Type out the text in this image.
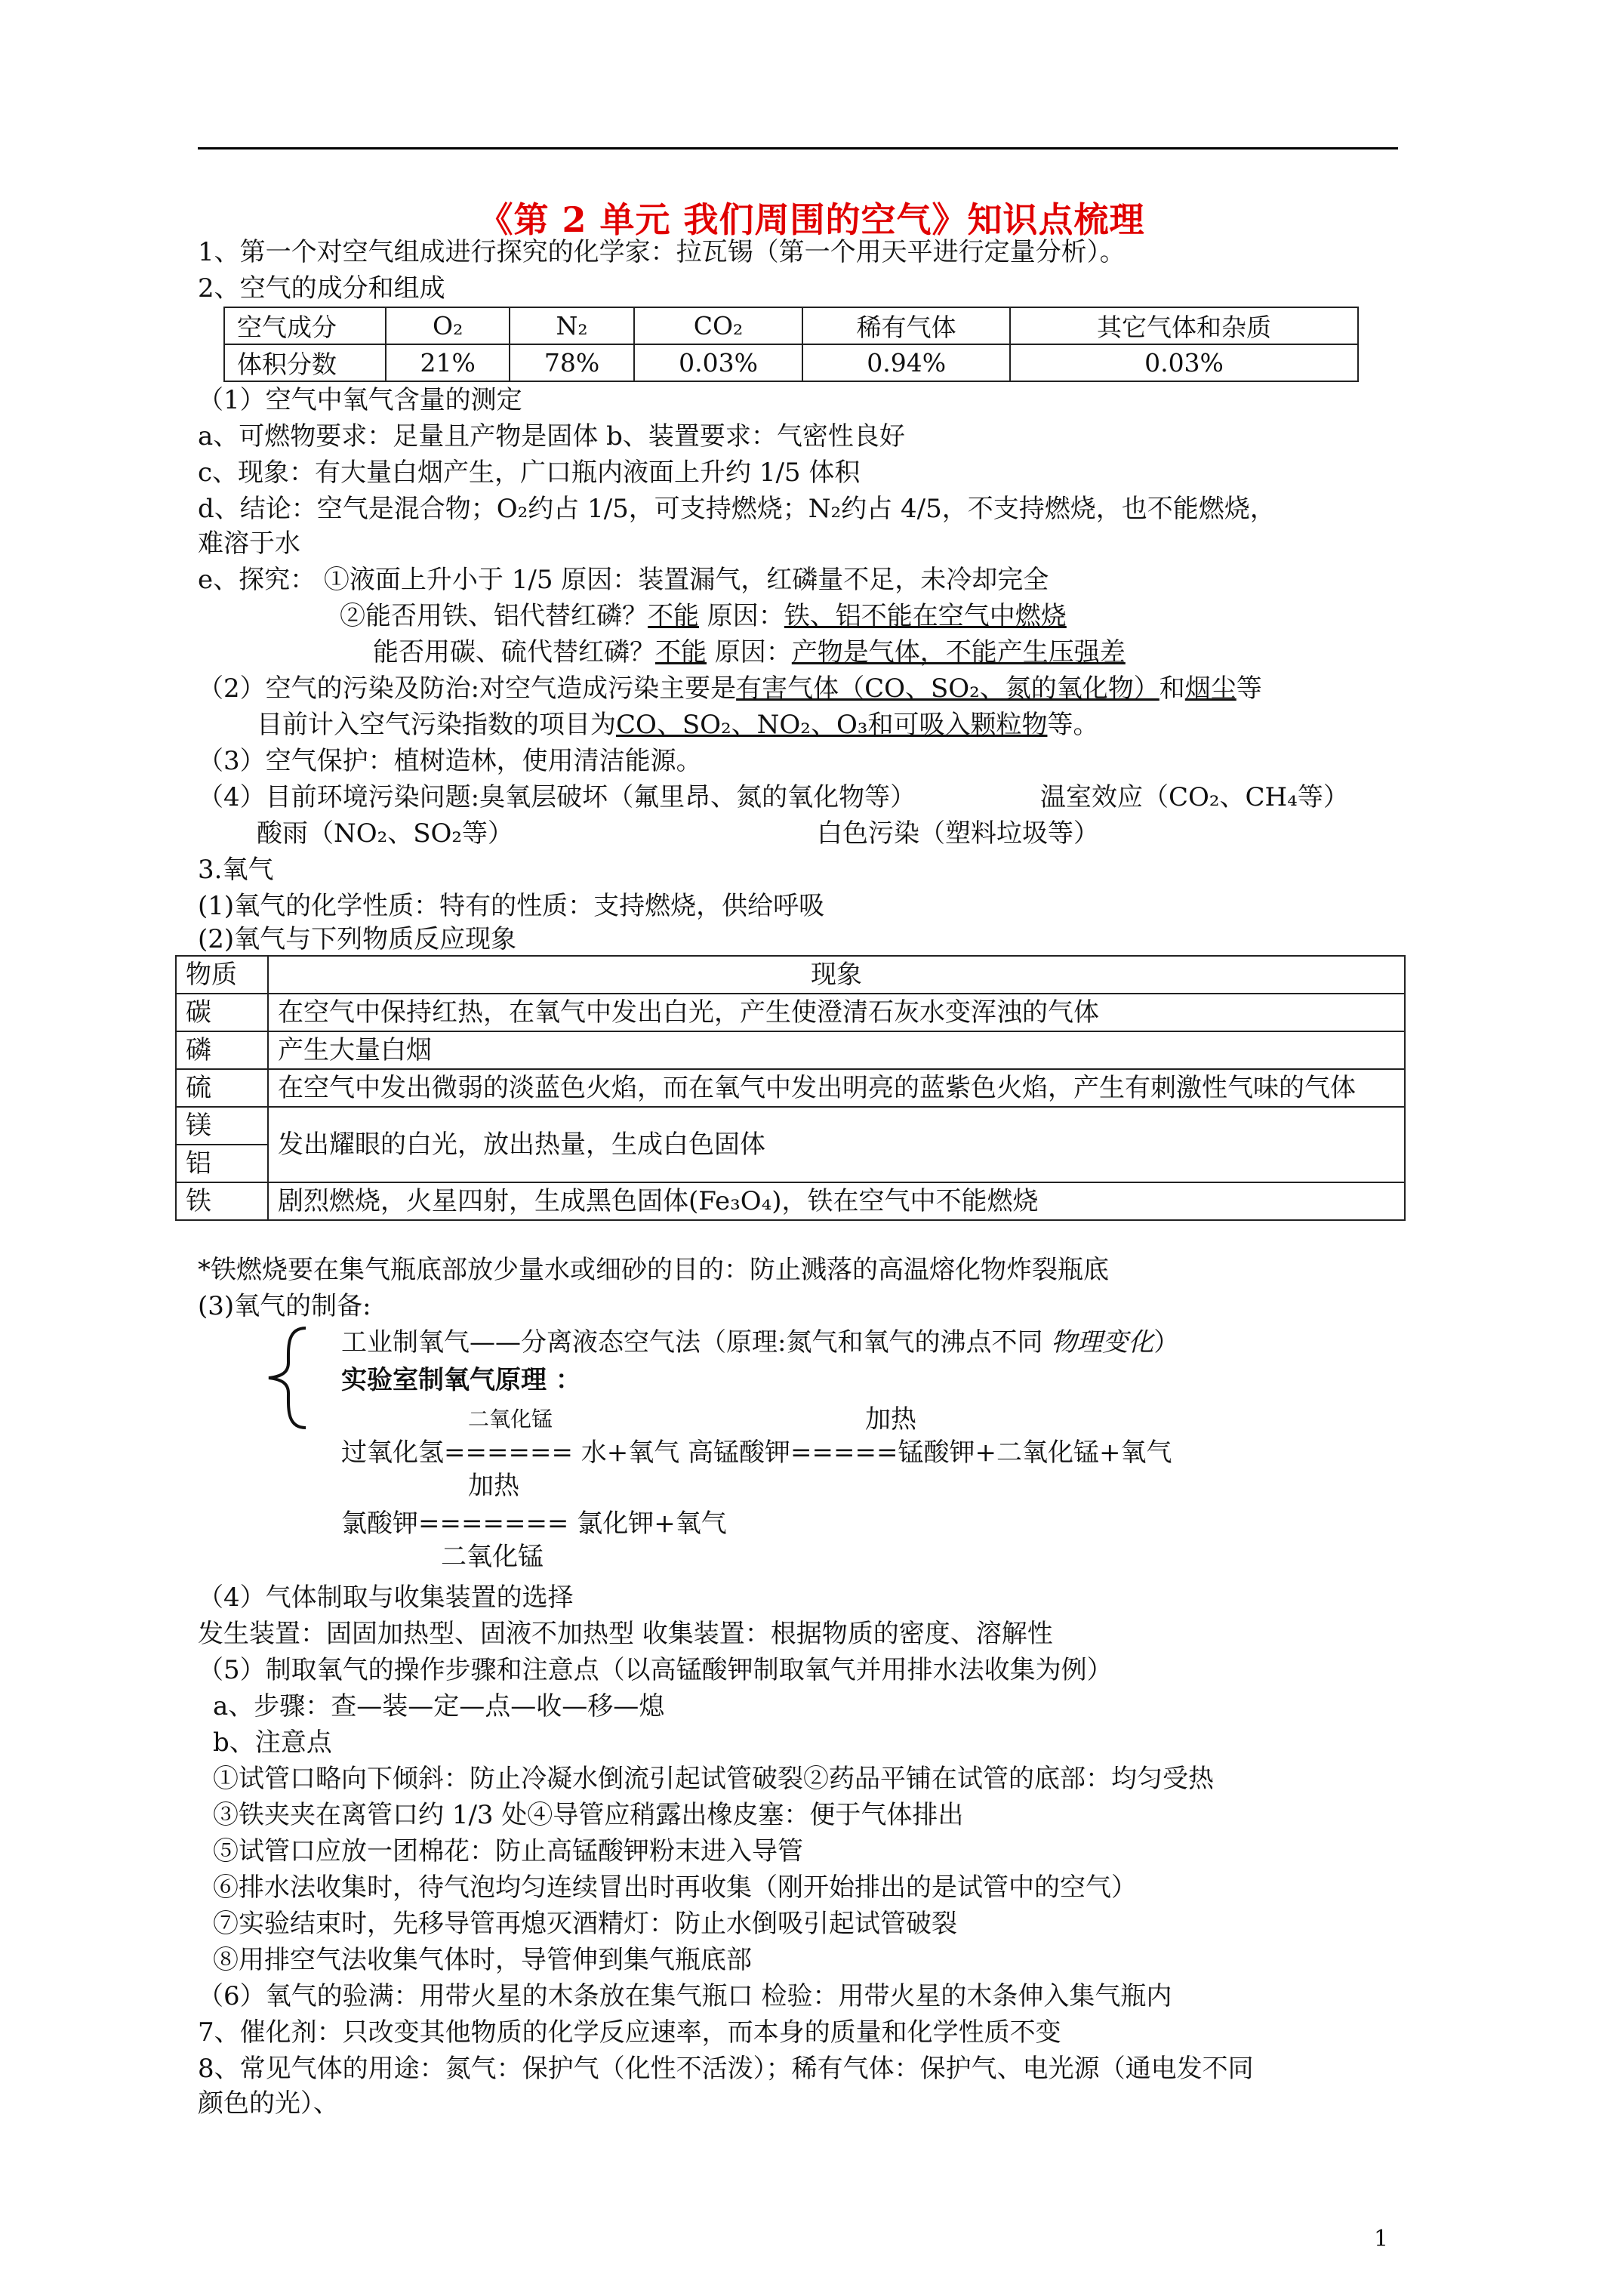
《第 2 单元 我们周围的空气》知识点梳理
1、第一个对空气组成进行探究的化学家：拉瓦锡（第一个用天平进行定量分析）。
2、空气的成分和组成
空气成分	O₂	N₂	CO₂	稀有气体	其它气体和杂质
体积分数	21%	78%	0.03%	0.94%	0.03%
（1）空气中氧气含量的测定
a、可燃物要求：足量且产物是固体 b、装置要求：气密性良好
c、现象：有大量白烟产生，广口瓶内液面上升约 1/5 体积
d、结论：空气是混合物；O₂约占 1/5，可支持燃烧；N₂约占 4/5，不支持燃烧，也不能燃烧，
难溶于水
e、探究： ①液面上升小于 1/5 原因：装置漏气，红磷量不足，未冷却完全
②能否用铁、铝代替红磷？不能 原因：铁、铝不能在空气中燃烧
能否用碳、硫代替红磷？不能 原因：产物是气体，不能产生压强差
（2）空气的污染及防治:对空气造成污染主要是有害气体（CO、SO₂、氮的氧化物）和烟尘等
目前计入空气污染指数的项目为CO、SO₂、NO₂、O₃和可吸入颗粒物等。
（3）空气保护：植树造林，使用清洁能源。
（4）目前环境污染问题:臭氧层破坏（氟里昂、氮的氧化物等）	温室效应（CO₂、CH₄等）
酸雨（NO₂、SO₂等）	白色污染（塑料垃圾等）
3.氧气
(1)氧气的化学性质：特有的性质：支持燃烧，供给呼吸
(2)氧气与下列物质反应现象
物质	现象
碳	在空气中保持红热，在氧气中发出白光，产生使澄清石灰水变浑浊的气体
磷	产生大量白烟
硫	在空气中发出微弱的淡蓝色火焰，而在氧气中发出明亮的蓝紫色火焰，产生有刺激性气味的气体
镁	发出耀眼的白光，放出热量，生成白色固体
铝	
铁	剧烈燃烧，火星四射，生成黑色固体(Fe₃O₄)，铁在空气中不能燃烧
*铁燃烧要在集气瓶底部放少量水或细砂的目的：防止溅落的高温熔化物炸裂瓶底
(3)氧气的制备:
工业制氧气——分离液态空气法（原理:氮气和氧气的沸点不同 物理变化）
实验室制氧气原理 ：
二氧化锰	加热
过氧化氢====== 水+氧气 高锰酸钾=====锰酸钾+二氧化锰+氧气
加热
氯酸钾======= 氯化钾+氧气
二氧化锰
（4）气体制取与收集装置的选择
发生装置：固固加热型、固液不加热型 收集装置：根据物质的密度、溶解性
（5）制取氧气的操作步骤和注意点（以高锰酸钾制取氧气并用排水法收集为例）
a、步骤：查—装—定—点—收—移—熄
b、注意点
①试管口略向下倾斜：防止冷凝水倒流引起试管破裂②药品平铺在试管的底部：均匀受热
③铁夹夹在离管口约 1/3 处④导管应稍露出橡皮塞：便于气体排出
⑤试管口应放一团棉花：防止高锰酸钾粉末进入导管
⑥排水法收集时，待气泡均匀连续冒出时再收集（刚开始排出的是试管中的空气）
⑦实验结束时，先移导管再熄灭酒精灯：防止水倒吸引起试管破裂
⑧用排空气法收集气体时，导管伸到集气瓶底部
（6）氧气的验满：用带火星的木条放在集气瓶口 检验：用带火星的木条伸入集气瓶内
7、催化剂：只改变其他物质的化学反应速率，而本身的质量和化学性质不变
8、常见气体的用途：氮气：保护气（化性不活泼）；稀有气体：保护气、电光源（通电发不同
颜色的光）、
1
